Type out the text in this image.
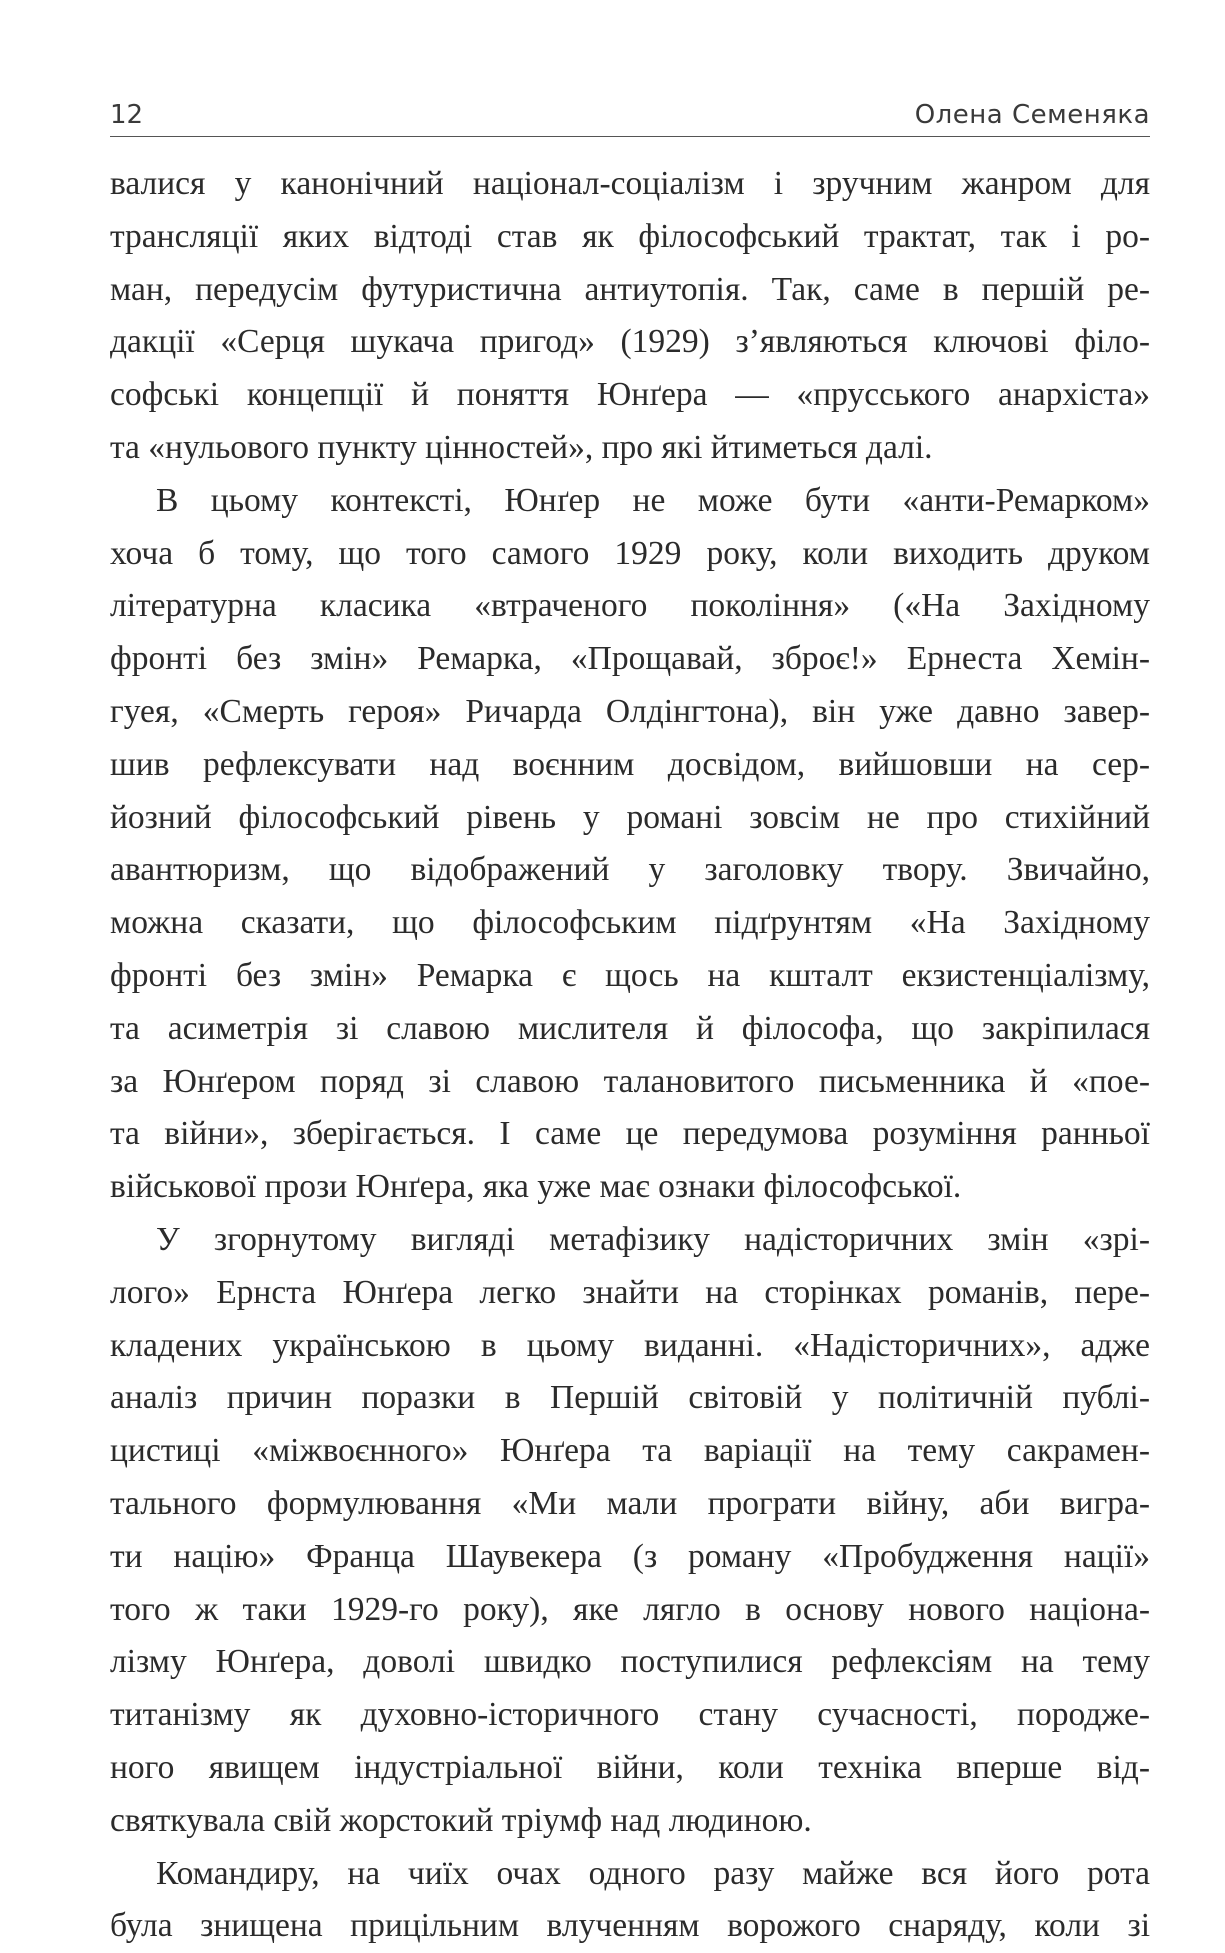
12	Олена Семеняка
валися у канонічний націонал-соціалізм і зручним жанром для
трансляції яких відтоді став як філософський трактат, так і ро-
ман, передусім футуристична антиутопія. Так, саме в першій ре-
дакції «Серця шукача пригод» (1929) з’являються ключові філо-
софські концепції й поняття Юнґера — «прусського анархіста»
та «нульового пункту цінностей», про які йтиметься далі.
В цьому контексті, Юнґер не може бути «анти-Ремарком»
хоча б тому, що того самого 1929 року, коли виходить друком
літературна класика «втраченого покоління» («На Західному
фронті без змін» Ремарка, «Прощавай, зброє!» Ернеста Хемін-
гуея, «Смерть героя» Ричарда Олдінгтона), він уже давно завер-
шив рефлексувати над воєнним досвідом, вийшовши на сер-
йозний філософський рівень у романі зовсім не про стихійний
авантюризм, що відображений у заголовку твору. Звичайно,
можна сказати, що філософським підґрунтям «На Західному
фронті без змін» Ремарка є щось на кшталт екзистенціалізму,
та асиметрія зі славою мислителя й філософа, що закріпилася
за Юнґером поряд зі славою талановитого письменника й «пое-
та війни», зберігається. І саме це передумова розуміння ранньої
військової прози Юнґера, яка уже має ознаки філософської.
У згорнутому вигляді метафізику надісторичних змін «зрі-
лого» Ернста Юнґера легко знайти на сторінках романів, пере-
кладених українською в цьому виданні. «Надісторичних», адже
аналіз причин поразки в Першій світовій у політичній публі-
цистиці «міжвоєнного» Юнґера та варіації на тему сакрамен-
тального формулювання «Ми мали програти війну, аби вигра-
ти націю» Франца Шаувекера (з роману «Пробудження нації»
того ж таки 1929-го року), яке лягло в основу нового націона-
лізму Юнґера, доволі швидко поступилися рефлексіям на тему
титанізму як духовно-історичного стану сучасності, породже-
ного явищем індустріальної війни, коли техніка вперше від-
святкувала свій жорстокий тріумф над людиною.
Командиру, на чиїх очах одного разу майже вся його рота
була знищена прицільним влученням ворожого снаряду, коли зі
